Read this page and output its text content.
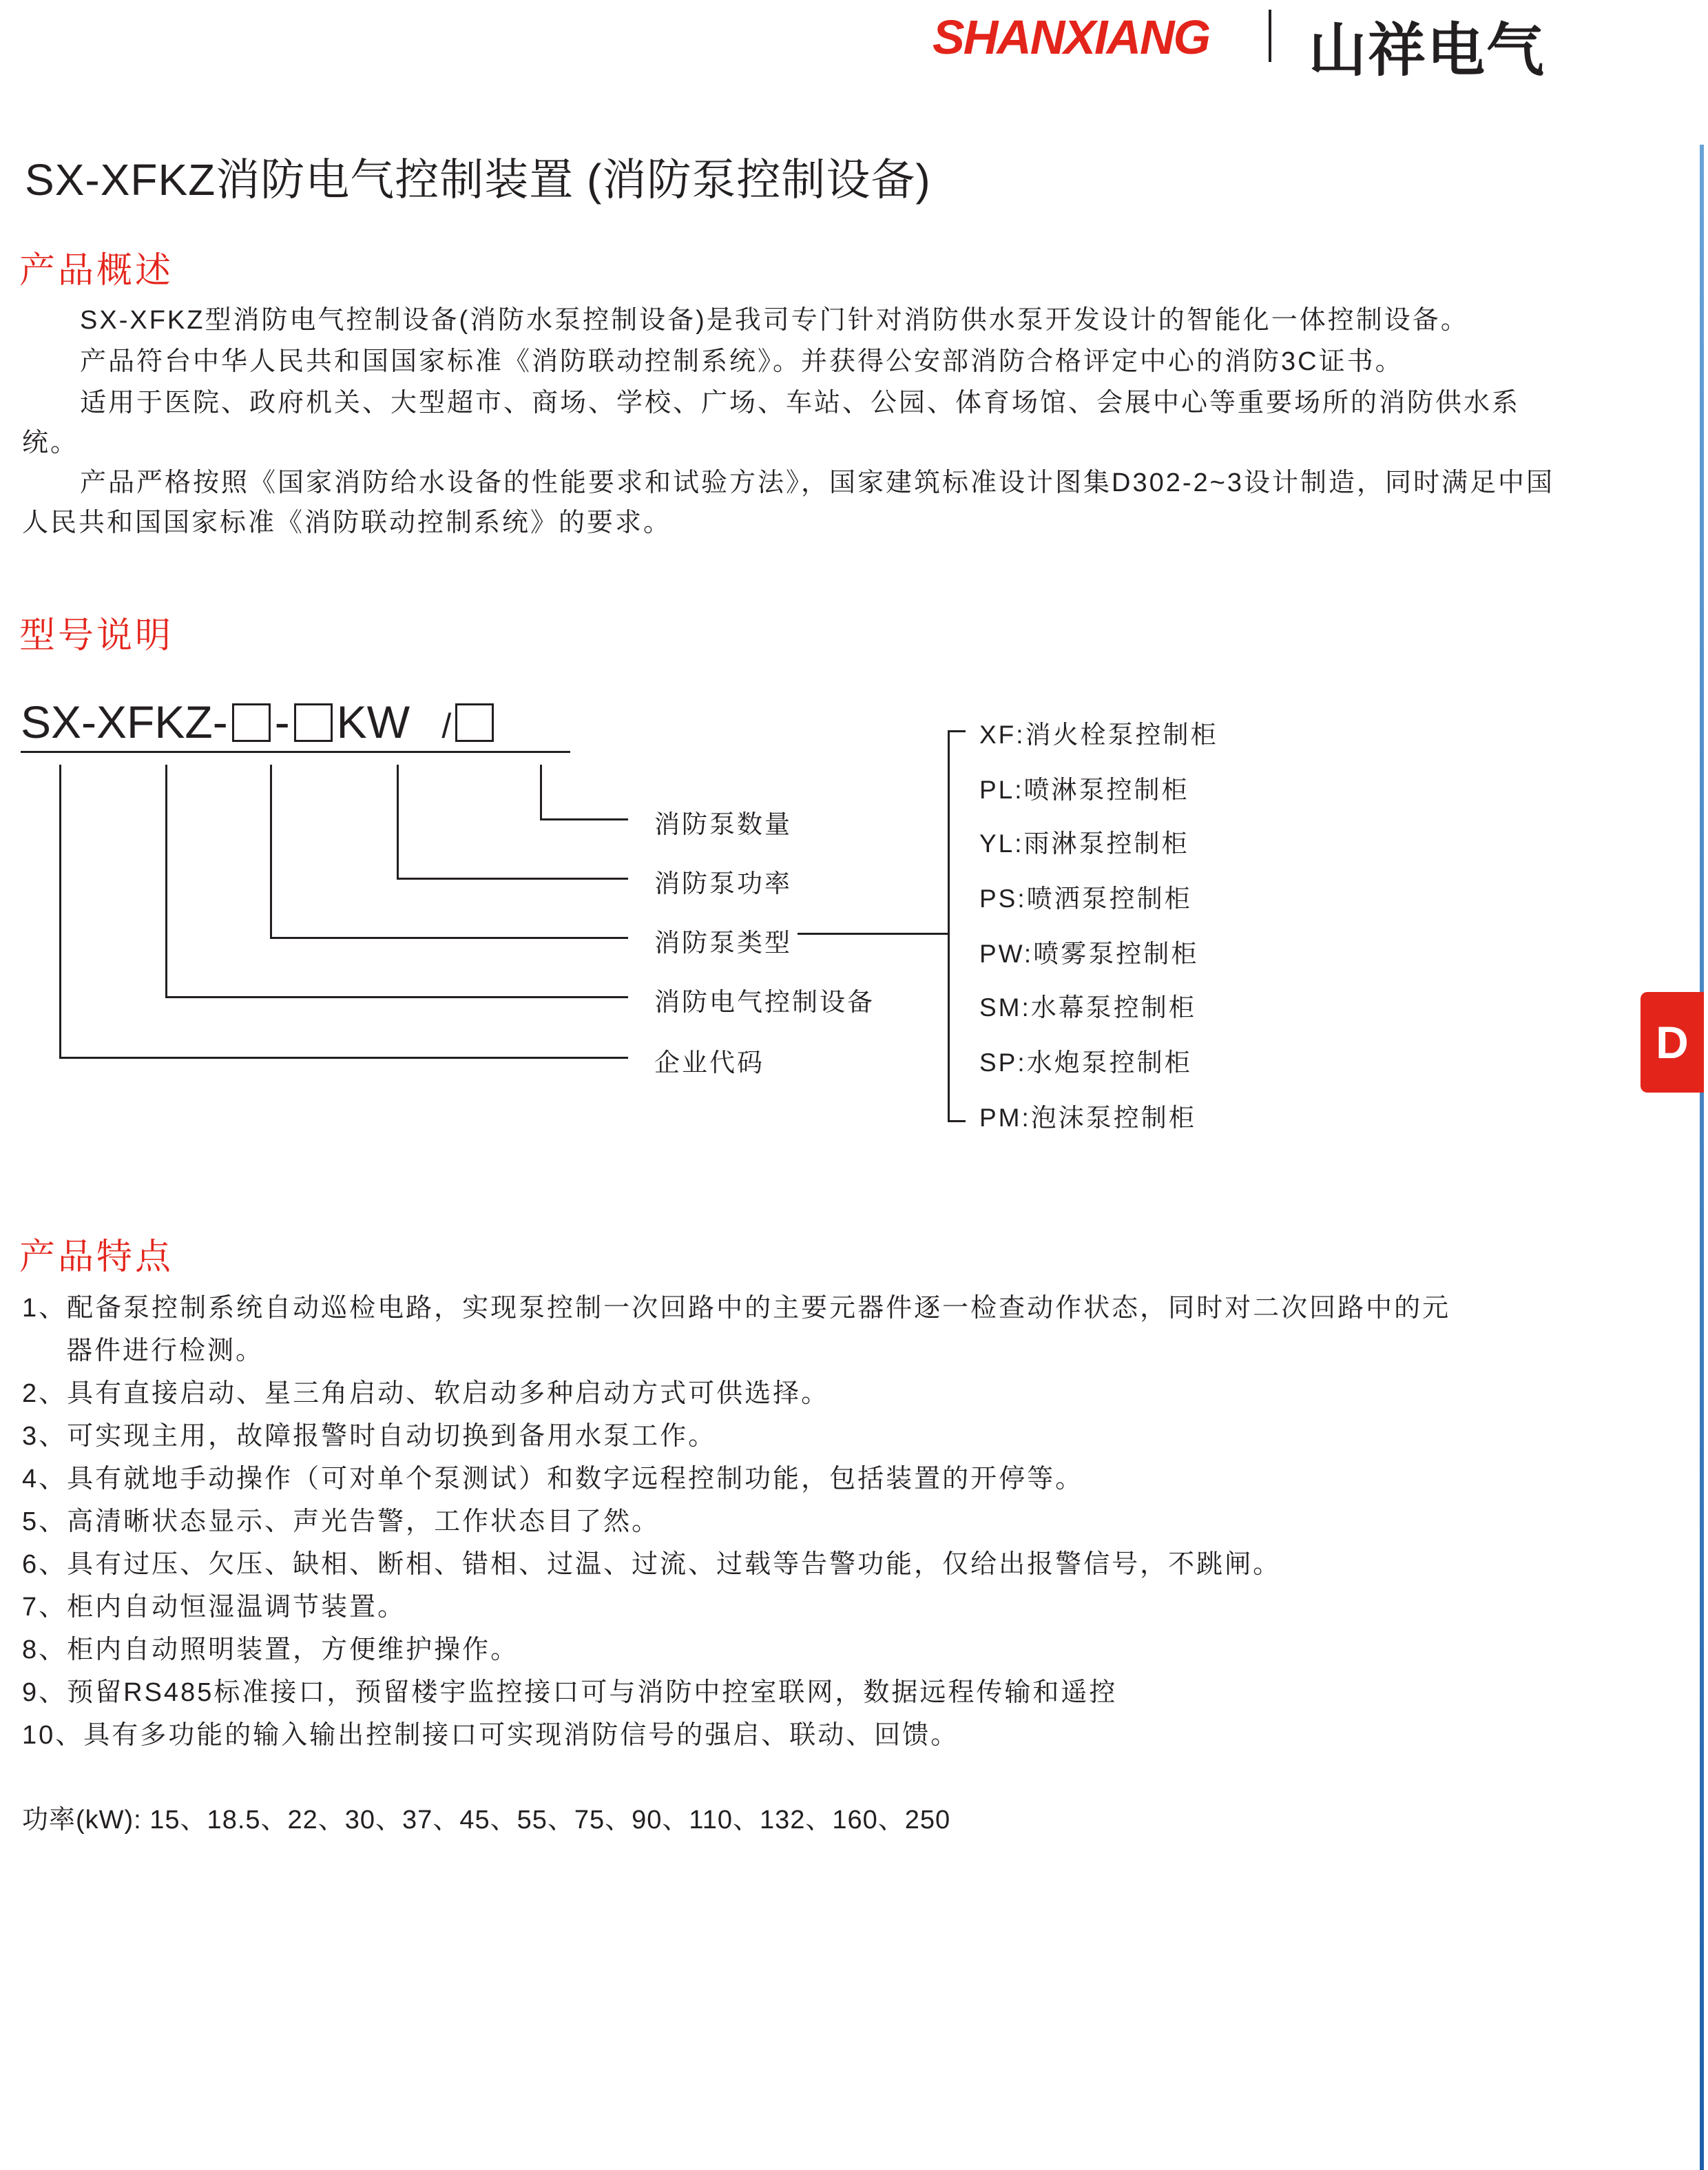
SHANXIANG 山祥电气
D
SX-XFKZ消防电气控制装置 (消防泵控制设备)
产品概述
SX-XFKZ型消防电气控制设备(消防水泵控制设备)是我司专门针对消防供水泵开发设计的智能化一体控制设备。
产品符台中华人民共和国国家标准《消防联动控制系统》。并获得公安部消防合格评定中心的消防3C证书。
适用于医院、政府机关、大型超市、商场、学校、广场、车站、公园、体育场馆、会展中心等重要场所的消防供水系统。
产品严格按照《国家消防给水设备的性能要求和试验方法》，国家建筑标准设计图集D302-2~3设计制造，同时满足中国人民共和国国家标准《消防联动控制系统》的要求。
型号说明
SX-XFKZ- - KW /
消防泵数量
消防泵功率
消防泵类型
消防电气控制设备
企业代码
XF:消火栓泵控制柜
PL:喷淋泵控制柜
YL:雨淋泵控制柜
PS:喷洒泵控制柜
PW:喷雾泵控制柜
SM:水幕泵控制柜
SP:水炮泵控制柜
PM:泡沫泵控制柜
产品特点
1、配备泵控制系统自动巡检电路，实现泵控制一次回路中的主要元器件逐一检查动作状态，同时对二次回路中的元
器件进行检测。
2、具有直接启动、星三角启动、软启动多种启动方式可供选择。
3、可实现主用，故障报警时自动切换到备用水泵工作。
4、具有就地手动操作（可对单个泵测试）和数字远程控制功能，包括装置的开停等。
5、高清晰状态显示、声光告警，工作状态目了然。
6、具有过压、欠压、缺相、断相、错相、过温、过流、过载等告警功能，仅给出报警信号，不跳闸。
7、柜内自动恒湿温调节装置。
8、柜内自动照明装置，方便维护操作。
9、预留RS485标准接口，预留楼宇监控接口可与消防中控室联网，数据远程传输和遥控
10、具有多功能的输入输出控制接口可实现消防信号的强启、联动、回馈。
功率(kW): 15、18.5、22、30、37、45、55、75、90、110、132、160、250
